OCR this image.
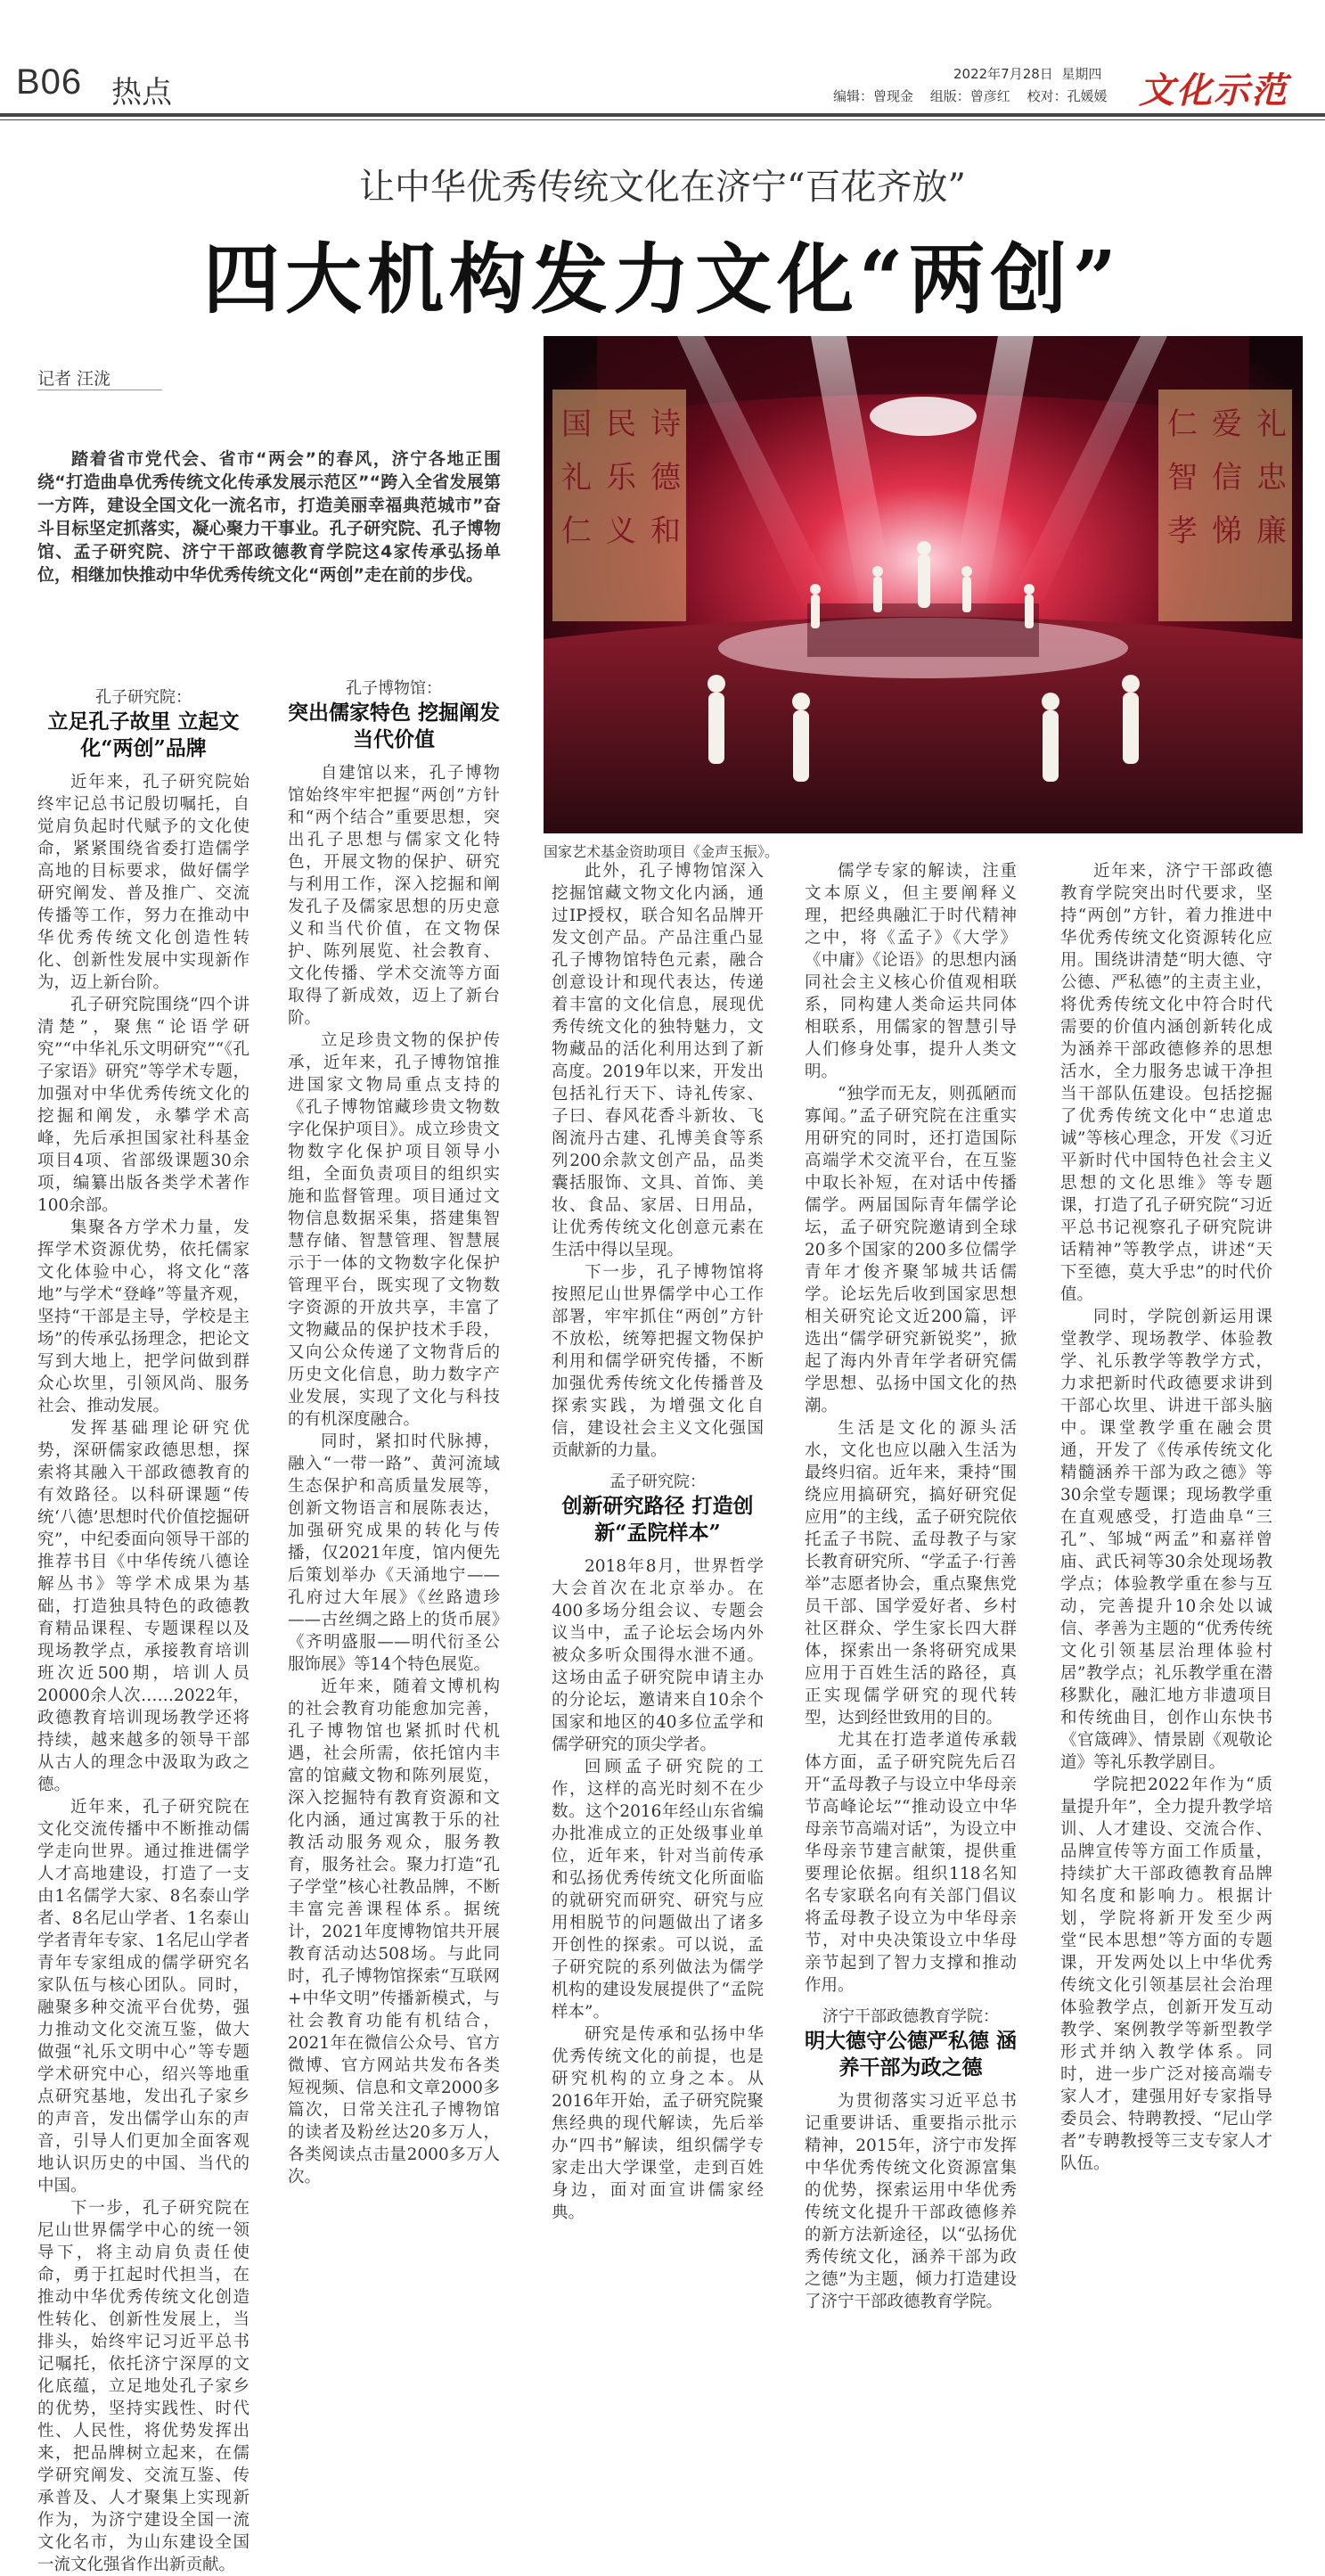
B06 热点
2022年7月28日 星期四
编辑：曾现金 组版：曾彦红 校对：孔媛媛 文化示范
让中华优秀传统文化在济宁“百花齐放”
四大机构发力文化“两创”
记者 汪泷

踏着省市党代会、省市“两会”的春风，济宁各地正围绕“打造曲阜优秀传统文化传承发展示范区”“跨入全省发展第一方阵，建设全国文化一流名市，打造美丽幸福典范城市”奋斗目标坚定抓落实，凝心聚力干事业。孔子研究院、孔子博物馆、孟子研究院、济宁干部政德教育学院这4家传承弘扬单位，相继加快推动中华优秀传统文化“两创”走在前的步伐。

国 民 诗
礼 乐 德
仁 义 和
仁 爱 礼
智 信 忠
孝 悌 廉
国家艺术基金资助项目《金声玉振》。
孔子研究院：
立足孔子故里 立起文化“两创”品牌

近年来，孔子研究院始终牢记总书记殷切嘱托，自觉肩负起时代赋予的文化使命，紧紧围绕省委打造儒学高地的目标要求，做好儒学研究阐发、普及推广、交流传播等工作，努力在推动中华优秀传统文化创造性转化、创新性发展中实现新作为，迈上新台阶。

孔子研究院围绕“四个讲清楚”，聚焦“论语学研究”“中华礼乐文明研究”“《孔子家语》研究”等学术专题，加强对中华优秀传统文化的挖掘和阐发，永攀学术高峰，先后承担国家社科基金项目4项、省部级课题30余项，编纂出版各类学术著作100余部。

集聚各方学术力量，发挥学术资源优势，依托儒家文化体验中心，将文化“落地”与学术“登峰”等量齐观，坚持“干部是主导，学校是主场”的传承弘扬理念，把论文写到大地上，把学问做到群众心坎里，引领风尚、服务社会、推动发展。

发挥基础理论研究优势，深研儒家政德思想，探索将其融入干部政德教育的有效路径。以科研课题“传统‘八德’思想时代价值挖掘研究”，中纪委面向领导干部的推荐书目《中华传统八德诠解丛书》等学术成果为基础，打造独具特色的政德教育精品课程、专题课程以及现场教学点，承接教育培训班次近500期，培训人员20000余人次……2022年，政德教育培训现场教学还将持续，越来越多的领导干部从古人的理念中汲取为政之德。

近年来，孔子研究院在文化交流传播中不断推动儒学走向世界。通过推进儒学人才高地建设，打造了一支由1名儒学大家、8名泰山学者、8名尼山学者、1名泰山学者青年专家、1名尼山学者青年专家组成的儒学研究名家队伍与核心团队。同时，融聚多种交流平台优势，强力推动文化交流互鉴，做大做强“礼乐文明中心”等专题学术研究中心，绍兴等地重点研究基地，发出孔子家乡的声音，发出儒学山东的声音，引导人们更加全面客观地认识历史的中国、当代的中国。

下一步，孔子研究院在尼山世界儒学中心的统一领导下，将主动肩负责任使命，勇于扛起时代担当，在推动中华优秀传统文化创造性转化、创新性发展上，当排头，始终牢记习近平总书记嘱托，依托济宁深厚的文化底蕴，立足地处孔子家乡的优势，坚持实践性、时代性、人民性，将优势发挥出来，把品牌树立起来，在儒学研究阐发、交流互鉴、传承普及、人才聚集上实现新作为，为济宁建设全国一流文化名市，为山东建设全国一流文化强省作出新贡献。

孔子博物馆：
突出儒家特色 挖掘阐发当代价值

自建馆以来，孔子博物馆始终牢牢把握“两创”方针和“两个结合”重要思想，突出孔子思想与儒家文化特色，开展文物的保护、研究与利用工作，深入挖掘和阐发孔子及儒家思想的历史意义和当代价值，在文物保护、陈列展览、社会教育、文化传播、学术交流等方面取得了新成效，迈上了新台阶。

立足珍贵文物的保护传承，近年来，孔子博物馆推进国家文物局重点支持的《孔子博物馆藏珍贵文物数字化保护项目》。成立珍贵文物数字化保护项目领导小组，全面负责项目的组织实施和监督管理。项目通过文物信息数据采集，搭建集智慧存储、智慧管理、智慧展示于一体的文物数字化保护管理平台，既实现了文物数字资源的开放共享，丰富了文物藏品的保护技术手段，又向公众传递了文物背后的历史文化信息，助力数字产业发展，实现了文化与科技的有机深度融合。

同时，紧扣时代脉搏，融入“一带一路”、黄河流域生态保护和高质量发展等，创新文物语言和展陈表达，加强研究成果的转化与传播，仅2021年度，馆内便先后策划举办《天涌地宁——孔府过大年展》《丝路遗珍——古丝绸之路上的货币展》《齐明盛服——明代衍圣公服饰展》等14个特色展览。

近年来，随着文博机构的社会教育功能愈加完善，孔子博物馆也紧抓时代机遇，社会所需，依托馆内丰富的馆藏文物和陈列展览，深入挖掘特有教育资源和文化内涵，通过寓教于乐的社教活动服务观众，服务教育，服务社会。聚力打造“孔子学堂”核心社教品牌，不断丰富完善课程体系。据统计，2021年度博物馆共开展教育活动达508场。与此同时，孔子博物馆探索“互联网+中华文明”传播新模式，与社会教育功能有机结合，2021年在微信公众号、官方微博、官方网站共发布各类短视频、信息和文章2000多篇次，日常关注孔子博物馆的读者及粉丝达20多万人，各类阅读点击量2000多万人次。

此外，孔子博物馆深入挖掘馆藏文物文化内涵，通过IP授权，联合知名品牌开发文创产品。产品注重凸显孔子博物馆特色元素，融合创意设计和现代表达，传递着丰富的文化信息，展现优秀传统文化的独特魅力，文物藏品的活化利用达到了新高度。2019年以来，开发出包括礼行天下、诗礼传家、子曰、春风花香斗新妆、飞阁流丹古建、孔博美食等系列200余款文创产品，品类囊括服饰、文具、首饰、美妆、食品、家居、日用品，让优秀传统文化创意元素在生活中得以呈现。

下一步，孔子博物馆将按照尼山世界儒学中心工作部署，牢牢抓住“两创”方针不放松，统筹把握文物保护利用和儒学研究传播，不断加强优秀传统文化传播普及探索实践，为增强文化自信，建设社会主义文化强国贡献新的力量。

孟子研究院：
创新研究路径 打造创新“孟院样本”

2018年8月，世界哲学大会首次在北京举办。在400多场分组会议、专题会议当中，孟子论坛会场内外被众多听众围得水泄不通。这场由孟子研究院申请主办的分论坛，邀请来自10余个国家和地区的40多位孟学和儒学研究的顶尖学者。

回顾孟子研究院的工作，这样的高光时刻不在少数。这个2016年经山东省编办批准成立的正处级事业单位，近年来，针对当前传承和弘扬优秀传统文化所面临的就研究而研究、研究与应用相脱节的问题做出了诸多开创性的探索。可以说，孟子研究院的系列做法为儒学机构的建设发展提供了“孟院样本”。

研究是传承和弘扬中华优秀传统文化的前提，也是研究机构的立身之本。从2016年开始，孟子研究院聚焦经典的现代解读，先后举办“四书”解读，组织儒学专家走出大学课堂，走到百姓身边，面对面宣讲儒家经典。

儒学专家的解读，注重文本原义，但主要阐释义理，把经典融汇于时代精神之中，将《孟子》《大学》《中庸》《论语》的思想内涵同社会主义核心价值观相联系，同构建人类命运共同体相联系，用儒家的智慧引导人们修身处事，提升人类文明。

“独学而无友，则孤陋而寡闻。”孟子研究院在注重实用研究的同时，还打造国际高端学术交流平台，在互鉴中取长补短，在对话中传播儒学。两届国际青年儒学论坛，孟子研究院邀请到全球20多个国家的200多位儒学青年才俊齐聚邹城共话儒学。论坛先后收到国家思想相关研究论文近200篇，评选出“儒学研究新锐奖”，掀起了海内外青年学者研究儒学思想、弘扬中国文化的热潮。

生活是文化的源头活水，文化也应以融入生活为最终归宿。近年来，秉持“围绕应用搞研究，搞好研究促应用”的主线，孟子研究院依托孟子书院、孟母教子与家长教育研究所、“学孟子·行善举”志愿者协会，重点聚焦党员干部、国学爱好者、乡村社区群众、学生家长四大群体，探索出一条将研究成果应用于百姓生活的路径，真正实现儒学研究的现代转型，达到经世致用的目的。

尤其在打造孝道传承载体方面，孟子研究院先后召开“孟母教子与设立中华母亲节高峰论坛”“推动设立中华母亲节高端对话”，为设立中华母亲节建言献策，提供重要理论依据。组织118名知名专家联名向有关部门倡议将孟母教子设立为中华母亲节，对中央决策设立中华母亲节起到了智力支撑和推动作用。

济宁干部政德教育学院：
明大德守公德严私德 涵养干部为政之德

为贯彻落实习近平总书记重要讲话、重要指示批示精神，2015年，济宁市发挥中华优秀传统文化资源富集的优势，探索运用中华优秀传统文化提升干部政德修养的新方法新途径，以“弘扬优秀传统文化，涵养干部为政之德”为主题，倾力打造建设了济宁干部政德教育学院。

近年来，济宁干部政德教育学院突出时代要求，坚持“两创”方针，着力推进中华优秀传统文化资源转化应用。围绕讲清楚“明大德、守公德、严私德”的主责主业，将优秀传统文化中符合时代需要的价值内涵创新转化成为涵养干部政德修养的思想活水，全力服务忠诚干净担当干部队伍建设。包括挖掘了优秀传统文化中“忠道忠诚”等核心理念，开发《习近平新时代中国特色社会主义思想的文化思维》等专题课，打造了孔子研究院“习近平总书记视察孔子研究院讲话精神”等教学点，讲述“天下至德，莫大乎忠”的时代价值。

同时，学院创新运用课堂教学、现场教学、体验教学、礼乐教学等教学方式，力求把新时代政德要求讲到干部心坎里、讲进干部头脑中。课堂教学重在融会贯通，开发了《传承传统文化精髓涵养干部为政之德》等30余堂专题课；现场教学重在直观感受，打造曲阜“三孔”、邹城“两孟”和嘉祥曾庙、武氏祠等30余处现场教学点；体验教学重在参与互动，完善提升10余处以诚信、孝善为主题的“优秀传统文化引领基层治理体验村居”教学点；礼乐教学重在潜移默化，融汇地方非遗项目和传统曲目，创作山东快书《官箴碑》、情景剧《观敬论道》等礼乐教学剧目。

学院把2022年作为“质量提升年”，全力提升教学培训、人才建设、交流合作、品牌宣传等方面工作质量，持续扩大干部政德教育品牌知名度和影响力。根据计划，学院将新开发至少两堂“民本思想”等方面的专题课，开发两处以上中华优秀传统文化引领基层社会治理体验教学点，创新开发互动教学、案例教学等新型教学形式并纳入教学体系。同时，进一步广泛对接高端专家人才，建强用好专家指导委员会、特聘教授、“尼山学者”专聘教授等三支专家人才队伍。
